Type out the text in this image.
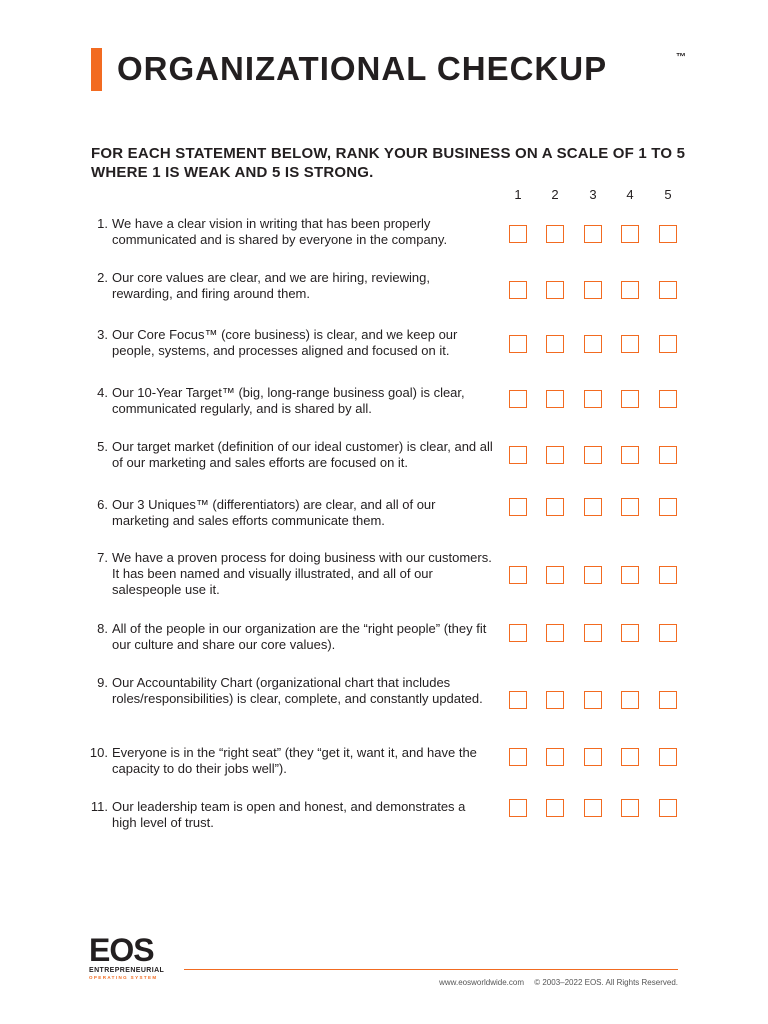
ORGANIZATIONAL CHECKUP	™
FOR EACH STATEMENT BELOW, RANK YOUR BUSINESS ON A SCALE OF 1 TO 5 WHERE 1 IS WEAK AND 5 IS STRONG.
1	2	3	4	5
1. We have a clear vision in writing that has been properly communicated and is shared by everyone in the company.
2. Our core values are clear, and we are hiring, reviewing, rewarding, and firing around them.
3. Our Core Focus™ (core business) is clear, and we keep our people, systems, and processes aligned and focused on it.
4. Our 10-Year Target™ (big, long-range business goal) is clear, communicated regularly, and is shared by all.
5. Our target market (definition of our ideal customer) is clear, and all of our marketing and sales efforts are focused on it.
6. Our 3 Uniques™ (differentiators) are clear, and all of our marketing and sales efforts communicate them.
7. We have a proven process for doing business with our customers. It has been named and visually illustrated, and all of our salespeople use it.
8. All of the people in our organization are the “right people” (they fit our culture and share our core values).
9. Our Accountability Chart (organizational chart that includes roles/responsibilities) is clear, complete, and constantly updated.
10. Everyone is in the “right seat” (they “get it, want it, and have the capacity to do their jobs well”).
11. Our leadership team is open and honest, and demonstrates a high level of trust.
EOS
ENTREPRENEURIAL
OPERATING SYSTEM
www.eosworldwide.com © 2003–2022 EOS. All Rights Reserved.
